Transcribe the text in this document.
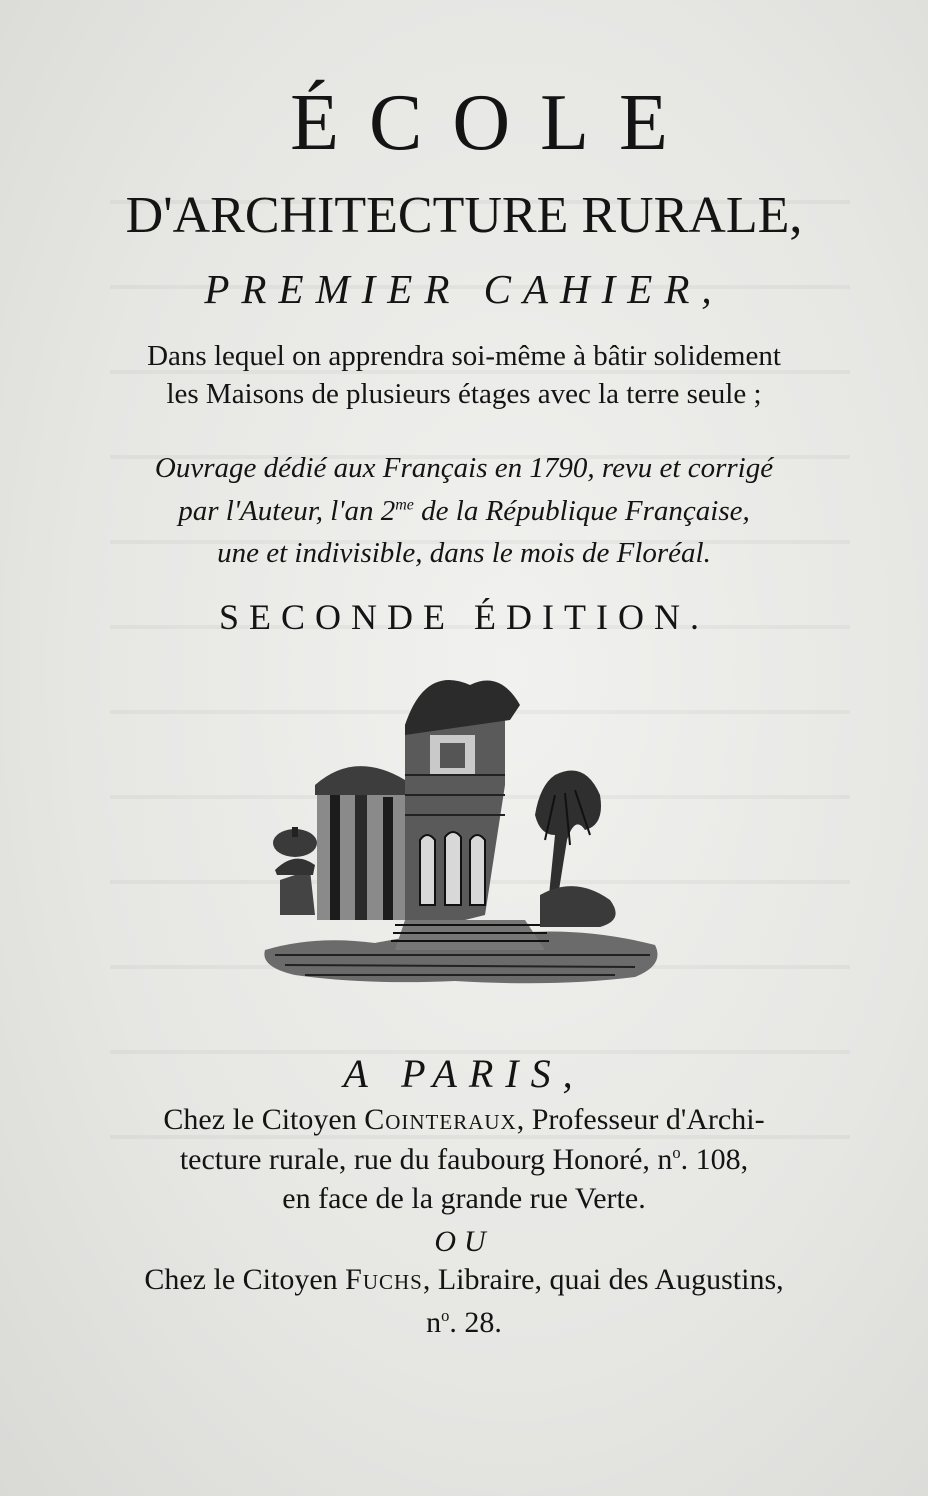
ÉCOLE
D'ARCHITECTURE RURALE,
PREMIER CAHIER,
Dans lequel on apprendra soi-même à bâtir solidement
les Maisons de plusieurs étages avec la terre seule ;
Ouvrage dédié aux Français en 1790, revu et corrigé
par l'Auteur, l'an $2^{me}$ de la République Française,
une et indivisible, dans le mois de Floréal.
SECONDE ÉDITION.
A PARIS,
Chez le Citoyen Cointeraux, Professeur d'Archi-
tecture rurale, rue du faubourg Honoré, $n^o$. 108,
en face de la grande rue Verte.
OU
Chez le Citoyen Fuchs, Libraire, quai des Augustins,
$n^o$. 28.
